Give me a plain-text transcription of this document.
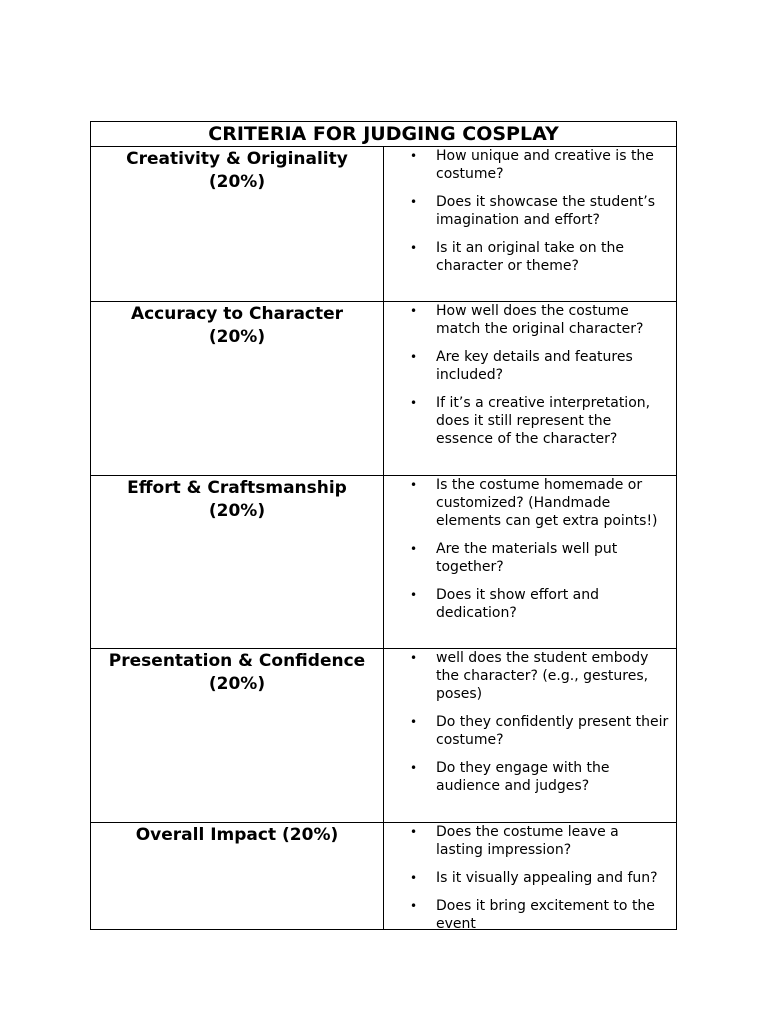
CRITERIA FOR JUDGING COSPLAY
Creativity & Originality
(20%)
• How unique and creative is the costume?
• Does it showcase the student’s imagination and effort?
• Is it an original take on the character or theme?
Accuracy to Character
(20%)
• How well does the costume match the original character?
• Are key details and features included?
• If it’s a creative interpretation, does it still represent the essence of the character?
Effort & Craftsmanship
(20%)
• Is the costume homemade or customized? (Handmade elements can get extra points!)
• Are the materials well put together?
• Does it show effort and dedication?
Presentation & Confidence
(20%)
• well does the student embody the character? (e.g., gestures, poses)
• Do they confidently present their costume?
• Do they engage with the audience and judges?
Overall Impact (20%)	• Does the costume leave a lasting impression?
• Is it visually appealing and fun?
• Does it bring excitement to the event
